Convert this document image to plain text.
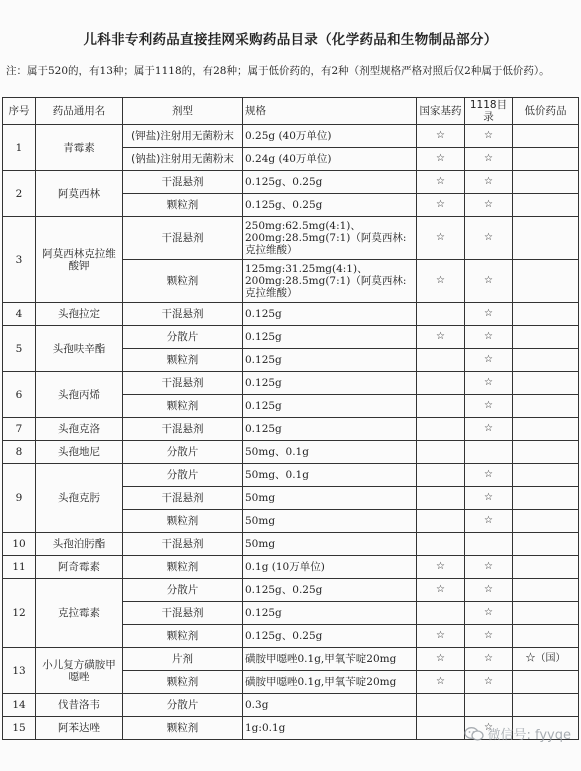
儿科非专利药品直接挂网采购药品目录（化学药品和生物制品部分）
注：属于520的，有13种；属于1118的，有28种；属于低价药的，有2种（剂型规格严格对照后仅2种属于低价药）。
序号	药品通用名	剂型	规格	国家基药	1118目录	低价药品
1	青霉素	(钾盐)注射用无菌粉末	0.25g (40万单位)	☆	☆	
		(钠盐)注射用无菌粉末	0.24g (40万单位)	☆	☆	
2	阿莫西林	干混悬剂	0.125g、0.25g	☆	☆	
		颗粒剂	0.125g、0.25g	☆	☆	
3	阿莫西林克拉维酸钾	干混悬剂	250mg:62.5mg(4:1)、200mg:28.5mg(7:1)（阿莫西林:克拉维酸）	☆	☆	
		颗粒剂	125mg:31.25mg(4:1)、200mg:28.5mg(7:1)（阿莫西林:克拉维酸）	☆	☆	
4	头孢拉定	干混悬剂	0.125g		☆	
5	头孢呋辛酯	分散片	0.125g	☆	☆	
		颗粒剂	0.125g		☆	
6	头孢丙烯	干混悬剂	0.125g		☆	
		颗粒剂	0.125g		☆	
7	头孢克洛	干混悬剂	0.125g		☆	
8	头孢地尼	分散片	50mg、0.1g			
9	头孢克肟	分散片	50mg、0.1g		☆	
		干混悬剂	50mg		☆	
		颗粒剂	50mg		☆	
10	头孢泊肟酯	干混悬剂	50mg			
11	阿奇霉素	颗粒剂	0.1g (10万单位)	☆	☆	
12	克拉霉素	分散片	0.125g、0.25g	☆	☆	
		干混悬剂	0.125g		☆	
		颗粒剂	0.125g、0.25g	☆	☆	
13	小儿复方磺胺甲噁唑	片剂	磺胺甲噁唑0.1g,甲氧苄啶20mg	☆	☆	☆（国）
		颗粒剂	磺胺甲噁唑0.1g,甲氧苄啶20mg	☆	☆	
14	伐昔洛韦	分散片	0.3g			
15	阿苯达唑	颗粒剂	1g:0.1g		☆	
微信号: fyyqe
